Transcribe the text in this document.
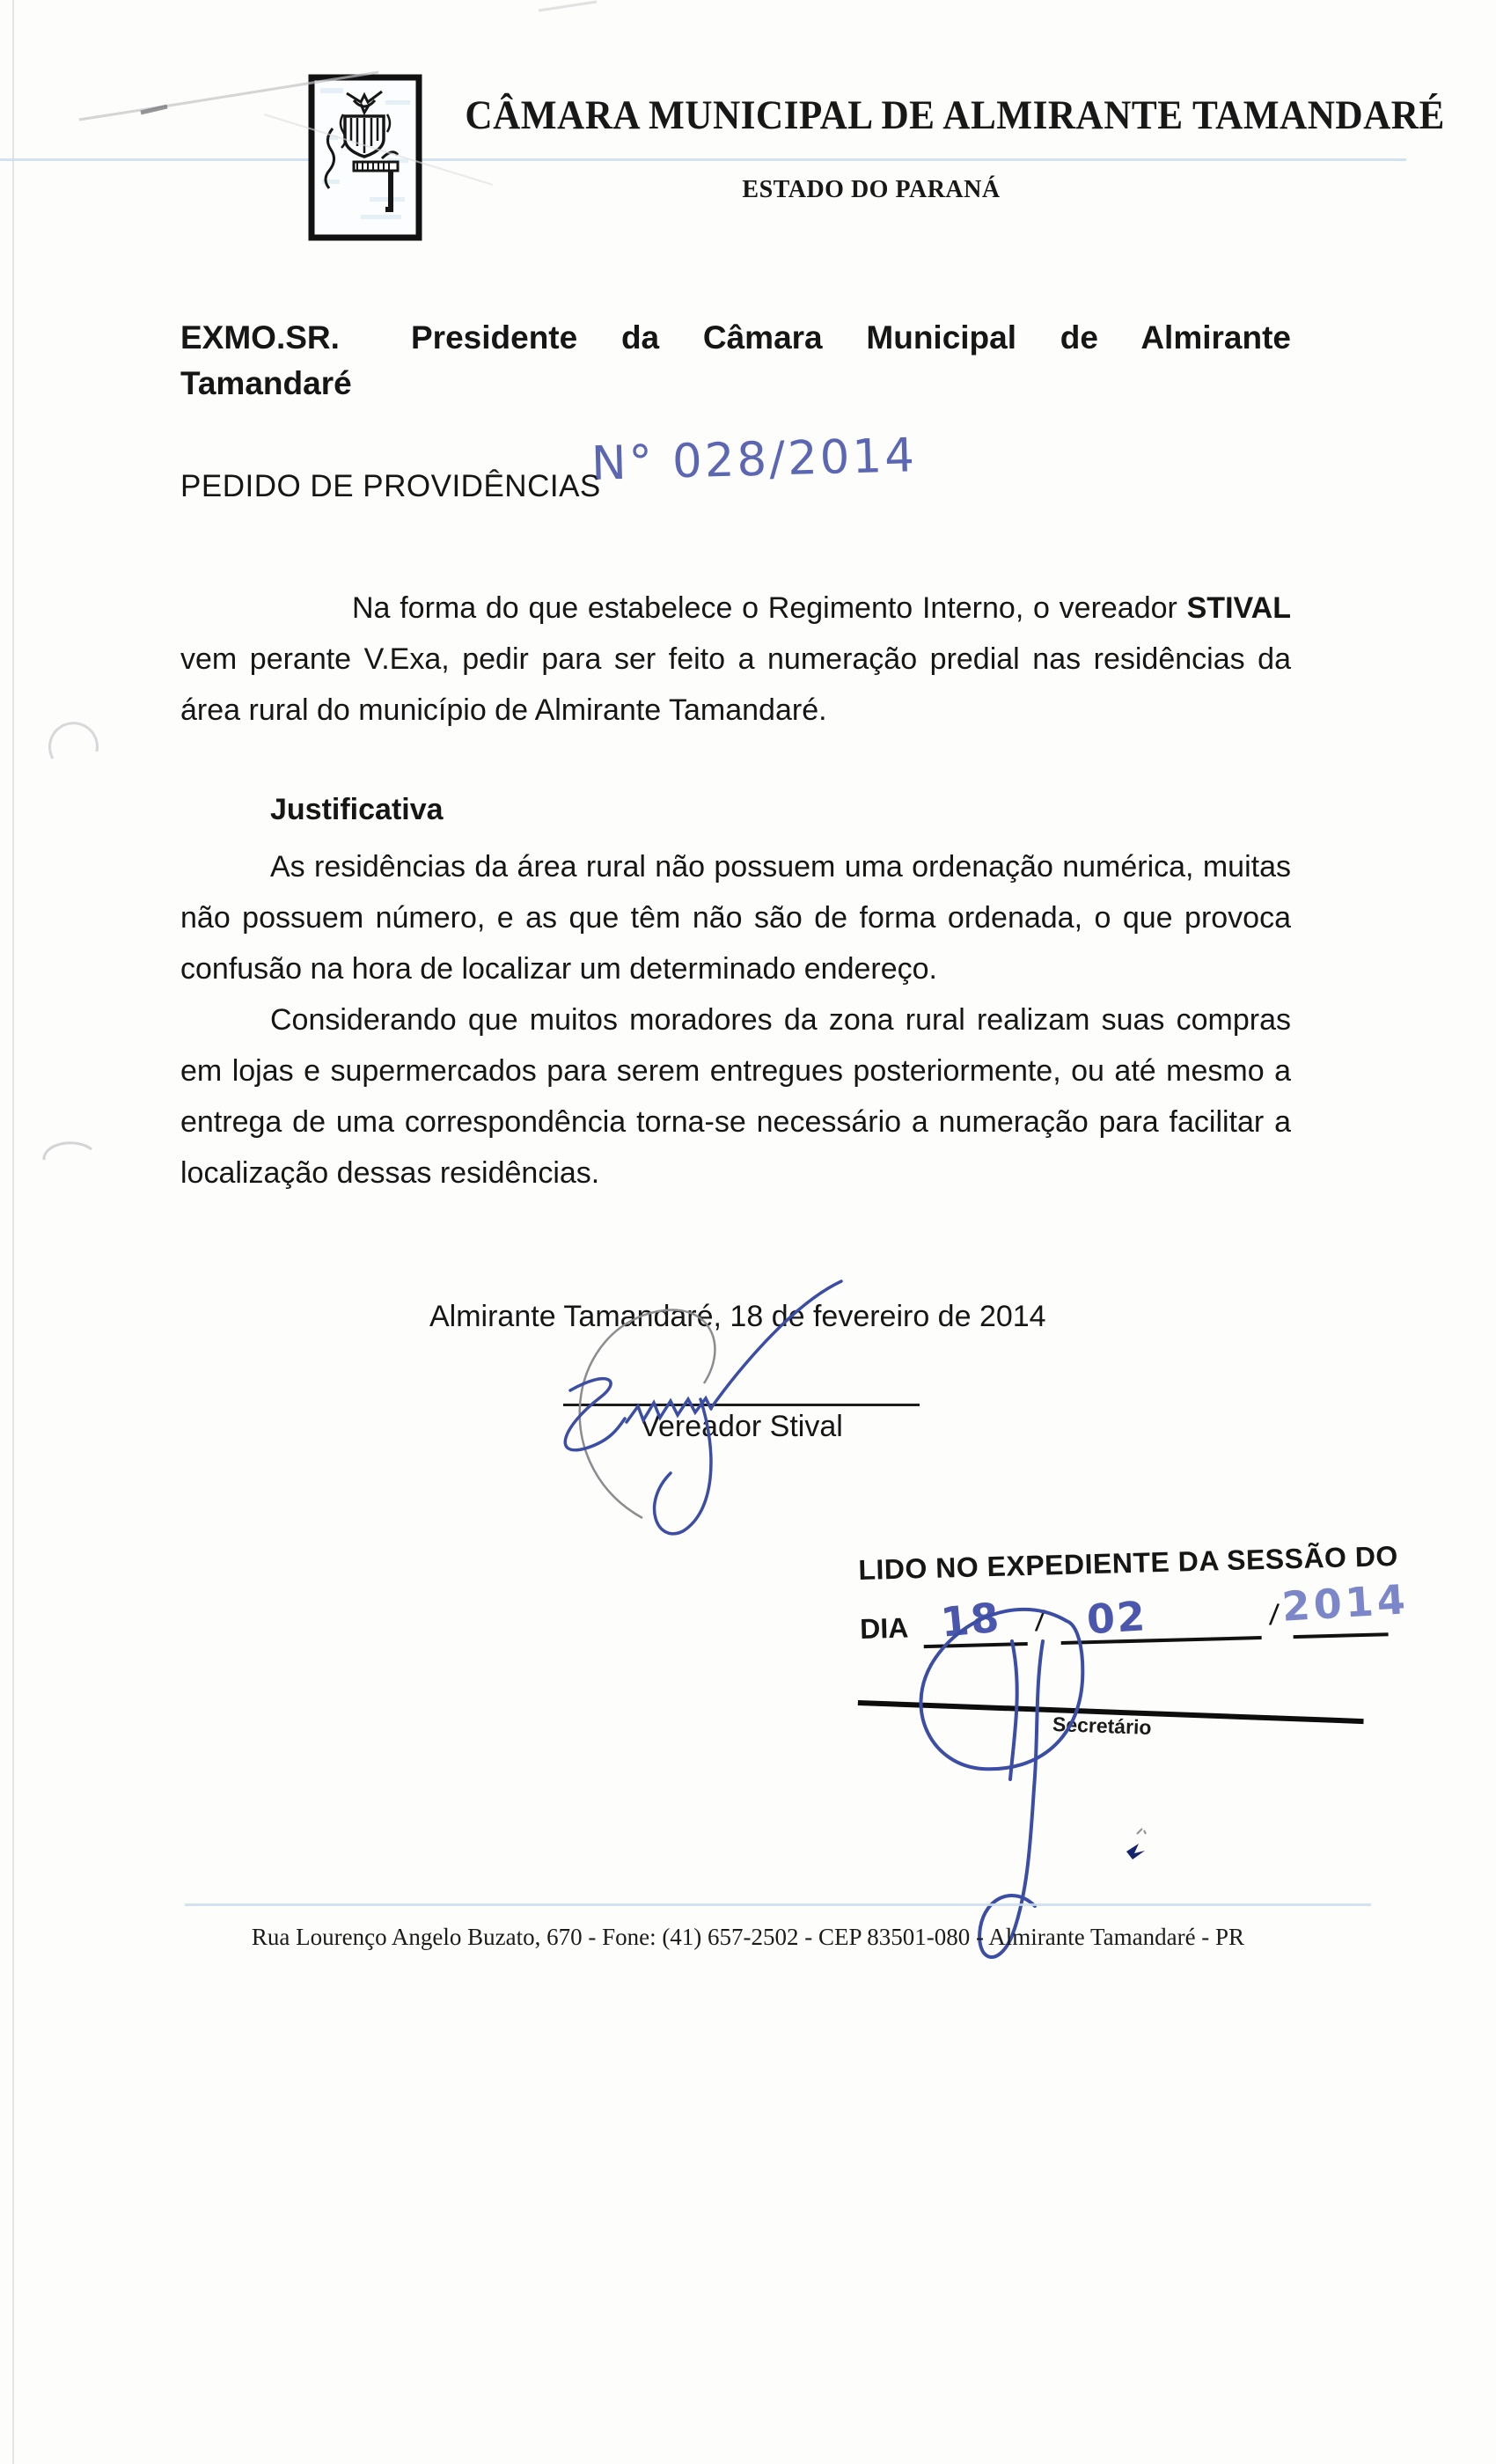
CÂMARA MUNICIPAL DE ALMIRANTE TAMANDARÉ
ESTADO DO PARANÁ
EXMO.SR. Presidente da Câmara Municipal de Almirante
Tamandaré
PEDIDO DE PROVIDÊNCIAS
N° 028/2014
Na forma do que estabelece o Regimento Interno, o vereador STIVAL
vem perante V.Exa, pedir para ser feito a numeração predial nas residências da
área rural do município de Almirante Tamandaré.
Justificativa
As residências da área rural não possuem uma ordenação numérica, muitas
não possuem número, e as que têm não são de forma ordenada, o que provoca
confusão na hora de localizar um determinado endereço.
Considerando que muitos moradores da zona rural realizam suas compras
em lojas e supermercados para serem entregues posteriormente, ou até mesmo a
entrega de uma correspondência torna-se necessário a numeração para facilitar a
localização dessas residências.
Almirante Tamandaré, 18 de fevereiro de 2014
Vereador Stival
LIDO NO EXPEDIENTE DA SESSÃO DO
DIA	/	/
18 02	2014
Secretário
Rua Lourenço Angelo Buzato, 670 - Fone: (41) 657-2502 - CEP 83501-080 - Almirante Tamandaré - PR
